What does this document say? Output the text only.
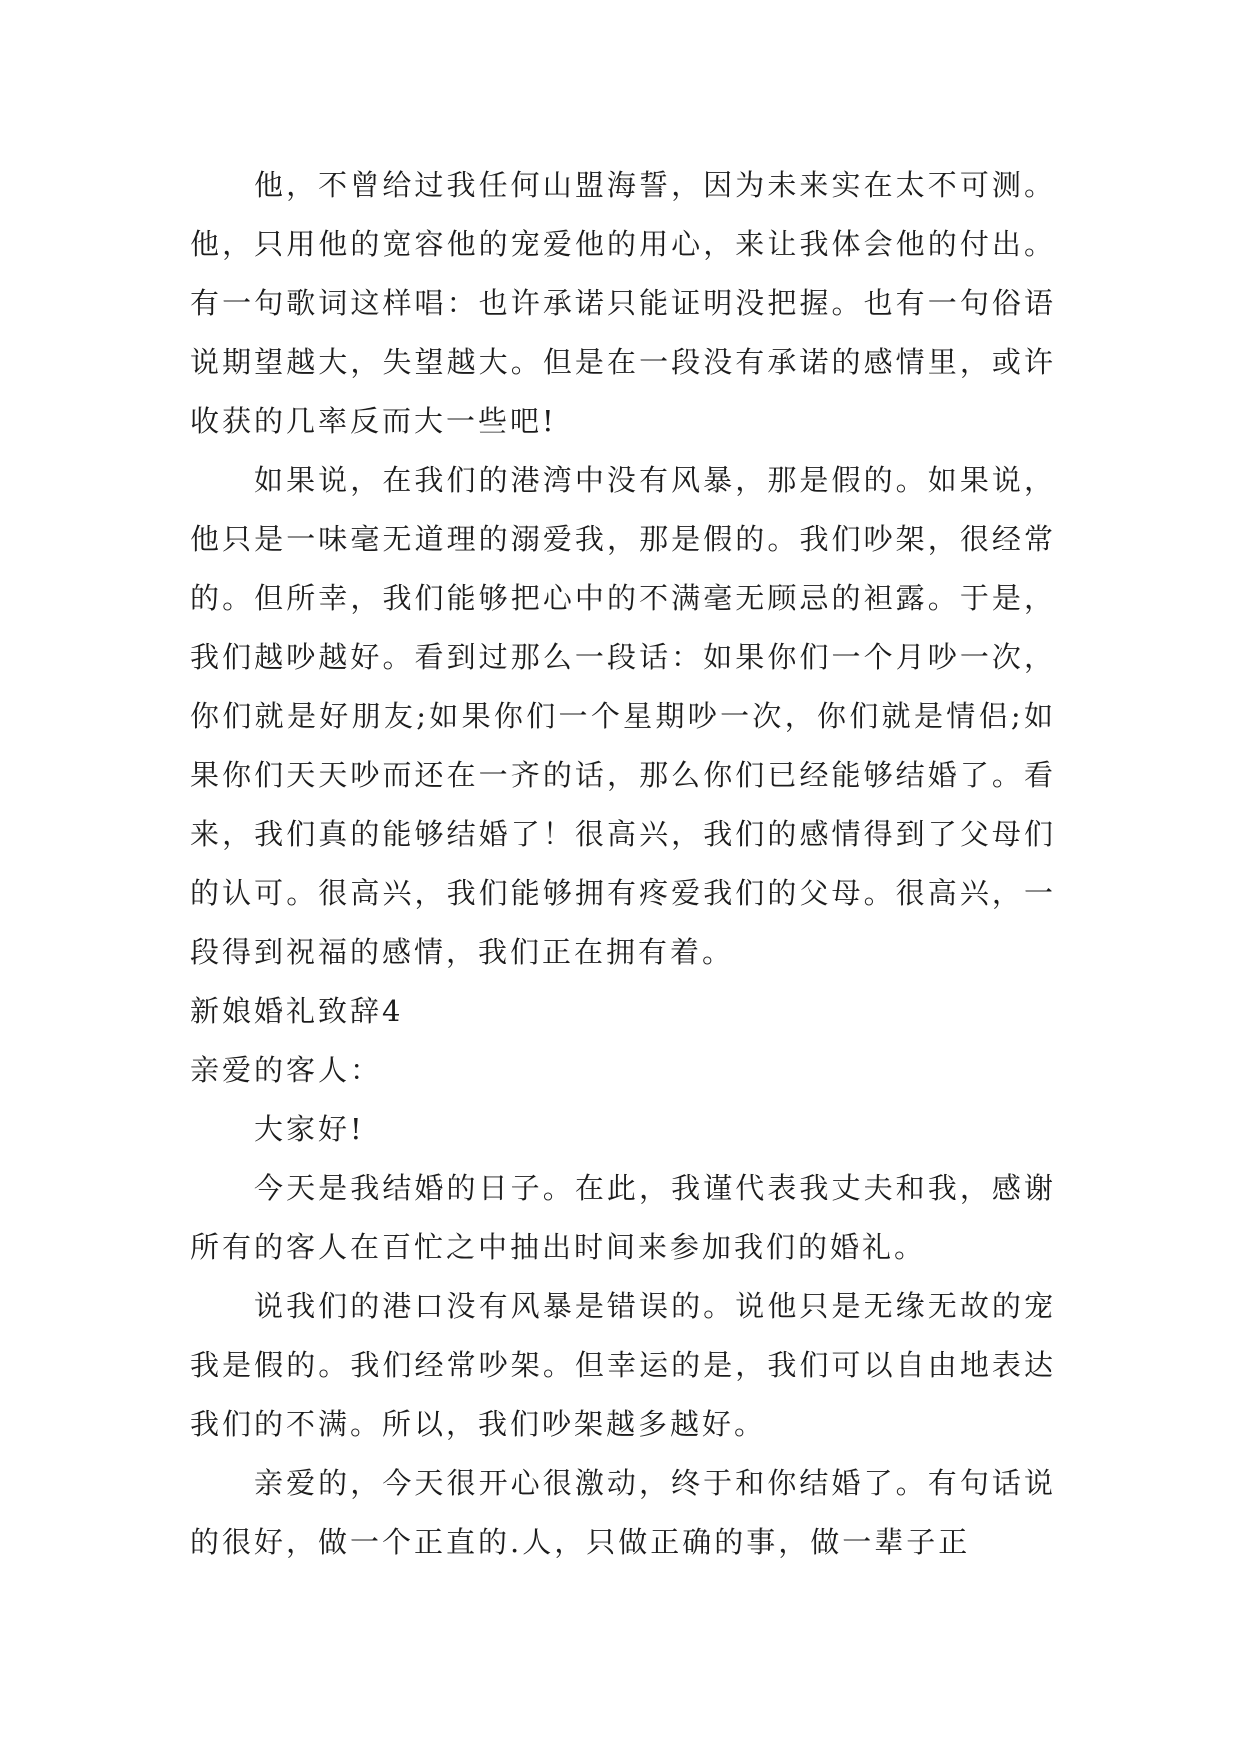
他，不曾给过我任何山盟海誓，因为未来实在太不可测。他，只用他的宽容他的宠爱他的用心，来让我体会他的付出。有一句歌词这样唱：也许承诺只能证明没把握。也有一句俗语说期望越大，失望越大。但是在一段没有承诺的感情里，或许收获的几率反而大一些吧!

如果说，在我们的港湾中没有风暴，那是假的。如果说，他只是一味毫无道理的溺爱我，那是假的。我们吵架，很经常的。但所幸，我们能够把心中的不满毫无顾忌的袒露。于是，我们越吵越好。看到过那么一段话：如果你们一个月吵一次，你们就是好朋友;如果你们一个星期吵一次，你们就是情侣;如果你们天天吵而还在一齐的话，那么你们已经能够结婚了。看来，我们真的能够结婚了！很高兴，我们的感情得到了父母们的认可。很高兴，我们能够拥有疼爱我们的父母。很高兴，一段得到祝福的感情，我们正在拥有着。

新娘婚礼致辞4

亲爱的客人：

大家好!

今天是我结婚的日子。在此，我谨代表我丈夫和我，感谢所有的客人在百忙之中抽出时间来参加我们的婚礼。

说我们的港口没有风暴是错误的。说他只是无缘无故的宠我是假的。我们经常吵架。但幸运的是，我们可以自由地表达我们的不满。所以，我们吵架越多越好。

亲爱的，今天很开心很激动，终于和你结婚了。有句话说的很好，做一个正直的.人，只做正确的事，做一辈子正
